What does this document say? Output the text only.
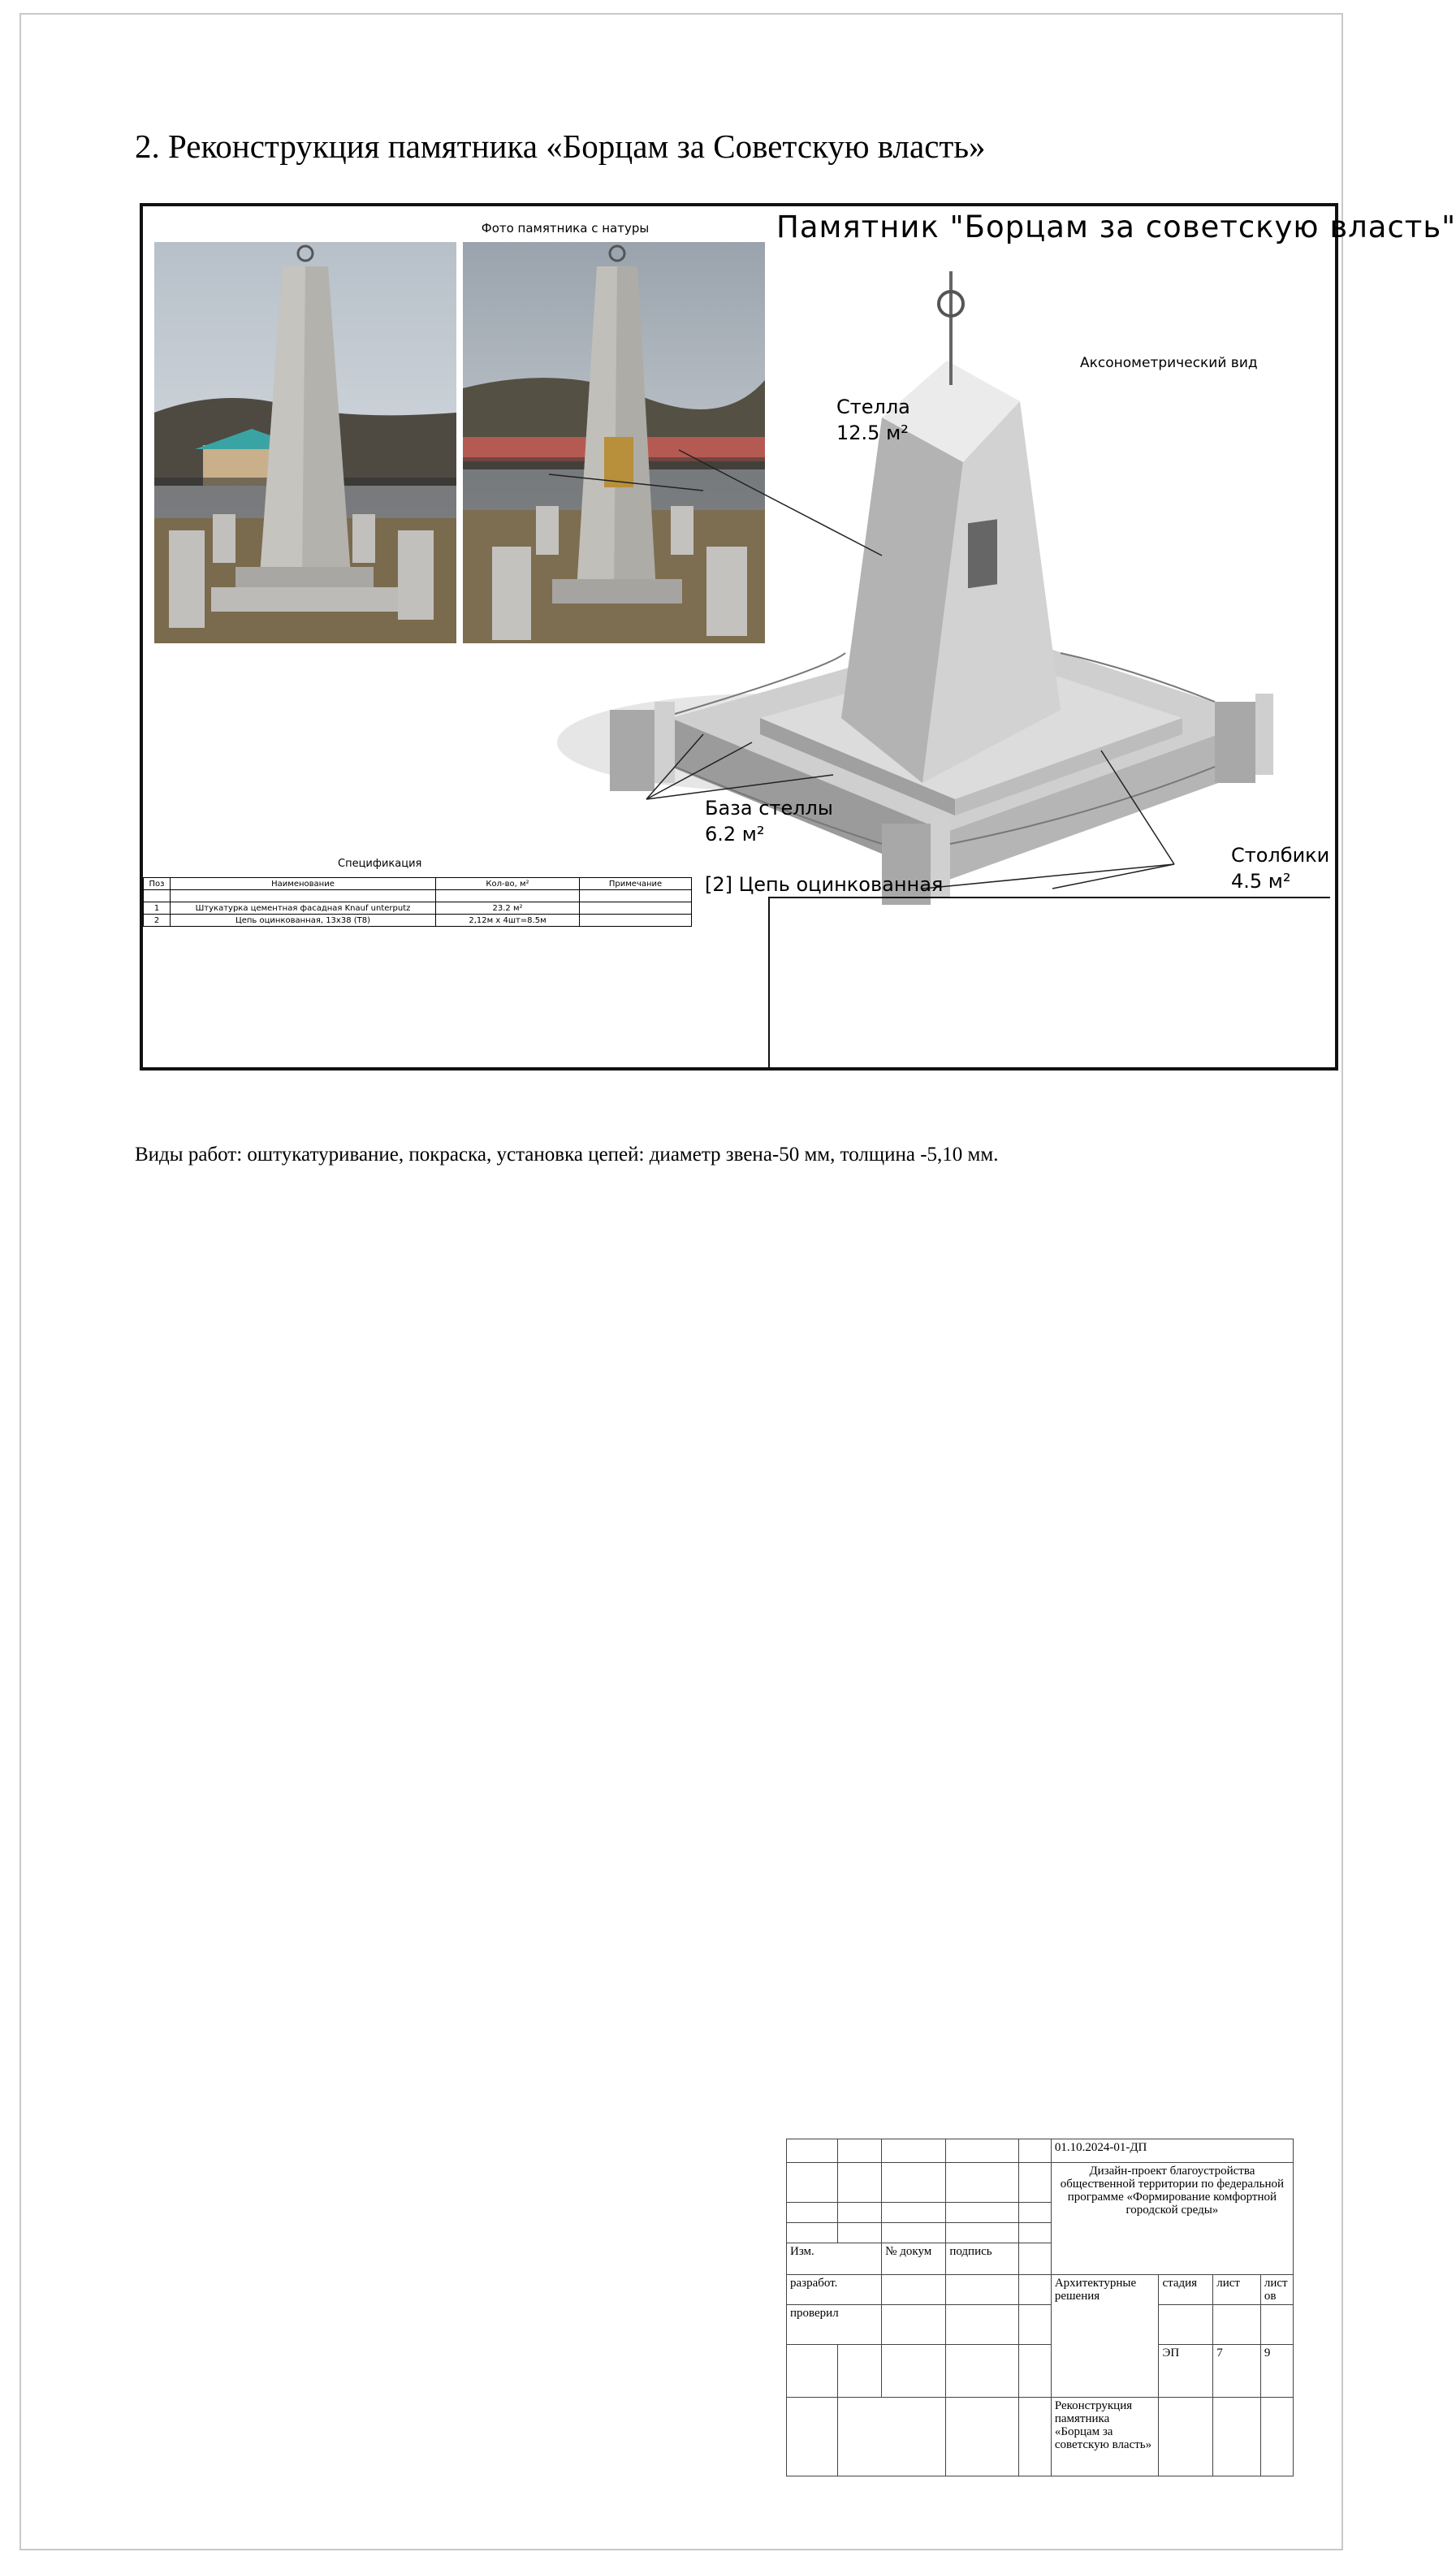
2. Реконструкция памятника «Борцам за Советскую власть»
Фото памятника с натуры	Памятник "Борцам за советскую власть"
Аксонометрический вид
Стелла
12.5 м²
База стеллы
6.2 м²
Столбики
4.5 м²
[2] Цепь оцинкованная
Спецификация
Поз	Наименование	Кол-во, м²	Примечание

1	Штукатурка цементная фасадная Knauf unterputz	23.2 м²	
2	Цепь оцинкованная, 13х38 (Т8)	2,12м х 4шт=8.5м	
Виды работ: оштукатуривание, покраска, установка цепей: диаметр звена-50 мм, толщина -5,10 мм.
					01.10.2024-01-ДП			
					Дизайн-проект благоустройства общественной территории по федеральной программе «Формирование комфортной городской среды»			

Изм.		№ докум	подпись					
разработ.					Архитектурные решения	стадия	лист	листов
проверил								
						ЭП	7	9
					Реконструкция памятника «Борцам за советскую власть»			
